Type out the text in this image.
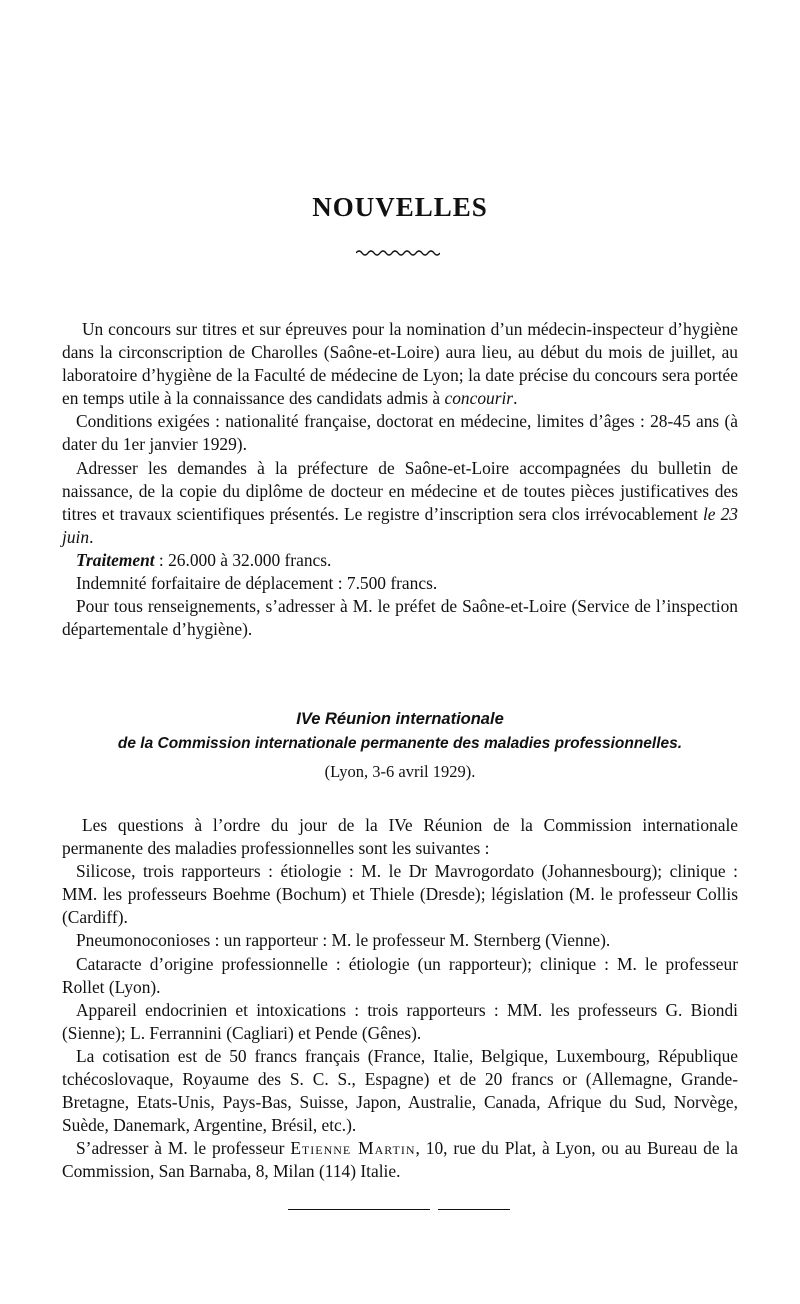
NOUVELLES

Un concours sur titres et sur épreuves pour la nomination d’un médecin-inspecteur d’hygiène dans la circonscription de Charolles (Saône-et-Loire) aura lieu, au début du mois de juillet, au laboratoire d’hygiène de la Faculté de médecine de Lyon; la date précise du concours sera portée en temps utile à la connaissance des candidats admis à concourir.

Conditions exigées : nationalité française, doctorat en médecine, limites d’âges : 28-45 ans (à dater du 1er janvier 1929).

Adresser les demandes à la préfecture de Saône-et-Loire accompagnées du bulletin de naissance, de la copie du diplôme de docteur en médecine et de toutes pièces justificatives des titres et travaux scientifiques présentés. Le registre d’inscription sera clos irrévocablement le 23 juin.

Traitement : 26.000 à 32.000 francs.

Indemnité forfaitaire de déplacement : 7.500 francs.

Pour tous renseignements, s’adresser à M. le préfet de Saône-et-Loire (Service de l’inspection départementale d’hygiène).

IVe Réunion internationale
de la Commission internationale permanente des maladies professionnelles.
(Lyon, 3-6 avril 1929).

Les questions à l’ordre du jour de la IVe Réunion de la Commission internationale permanente des maladies professionnelles sont les suivantes :

Silicose, trois rapporteurs : étiologie : M. le Dr Mavrogordato (Johannesbourg); clinique : MM. les professeurs Boehme (Bochum) et Thiele (Dresde); législation (M. le professeur Collis (Cardiff).

Pneumonoconioses : un rapporteur : M. le professeur M. Sternberg (Vienne).

Cataracte d’origine professionnelle : étiologie (un rapporteur); clinique : M. le professeur Rollet (Lyon).

Appareil endocrinien et intoxications : trois rapporteurs : MM. les professeurs G. Biondi (Sienne); L. Ferrannini (Cagliari) et Pende (Gênes).

La cotisation est de 50 francs français (France, Italie, Belgique, Luxembourg, République tchécoslovaque, Royaume des S. C. S., Espagne) et de 20 francs or (Allemagne, Grande-Bretagne, Etats-Unis, Pays-Bas, Suisse, Japon, Australie, Canada, Afrique du Sud, Norvège, Suède, Danemark, Argentine, Brésil, etc.).

S’adresser à M. le professeur Etienne Martin, 10, rue du Plat, à Lyon, ou au Bureau de la Commission, San Barnaba, 8, Milan (114) Italie.
